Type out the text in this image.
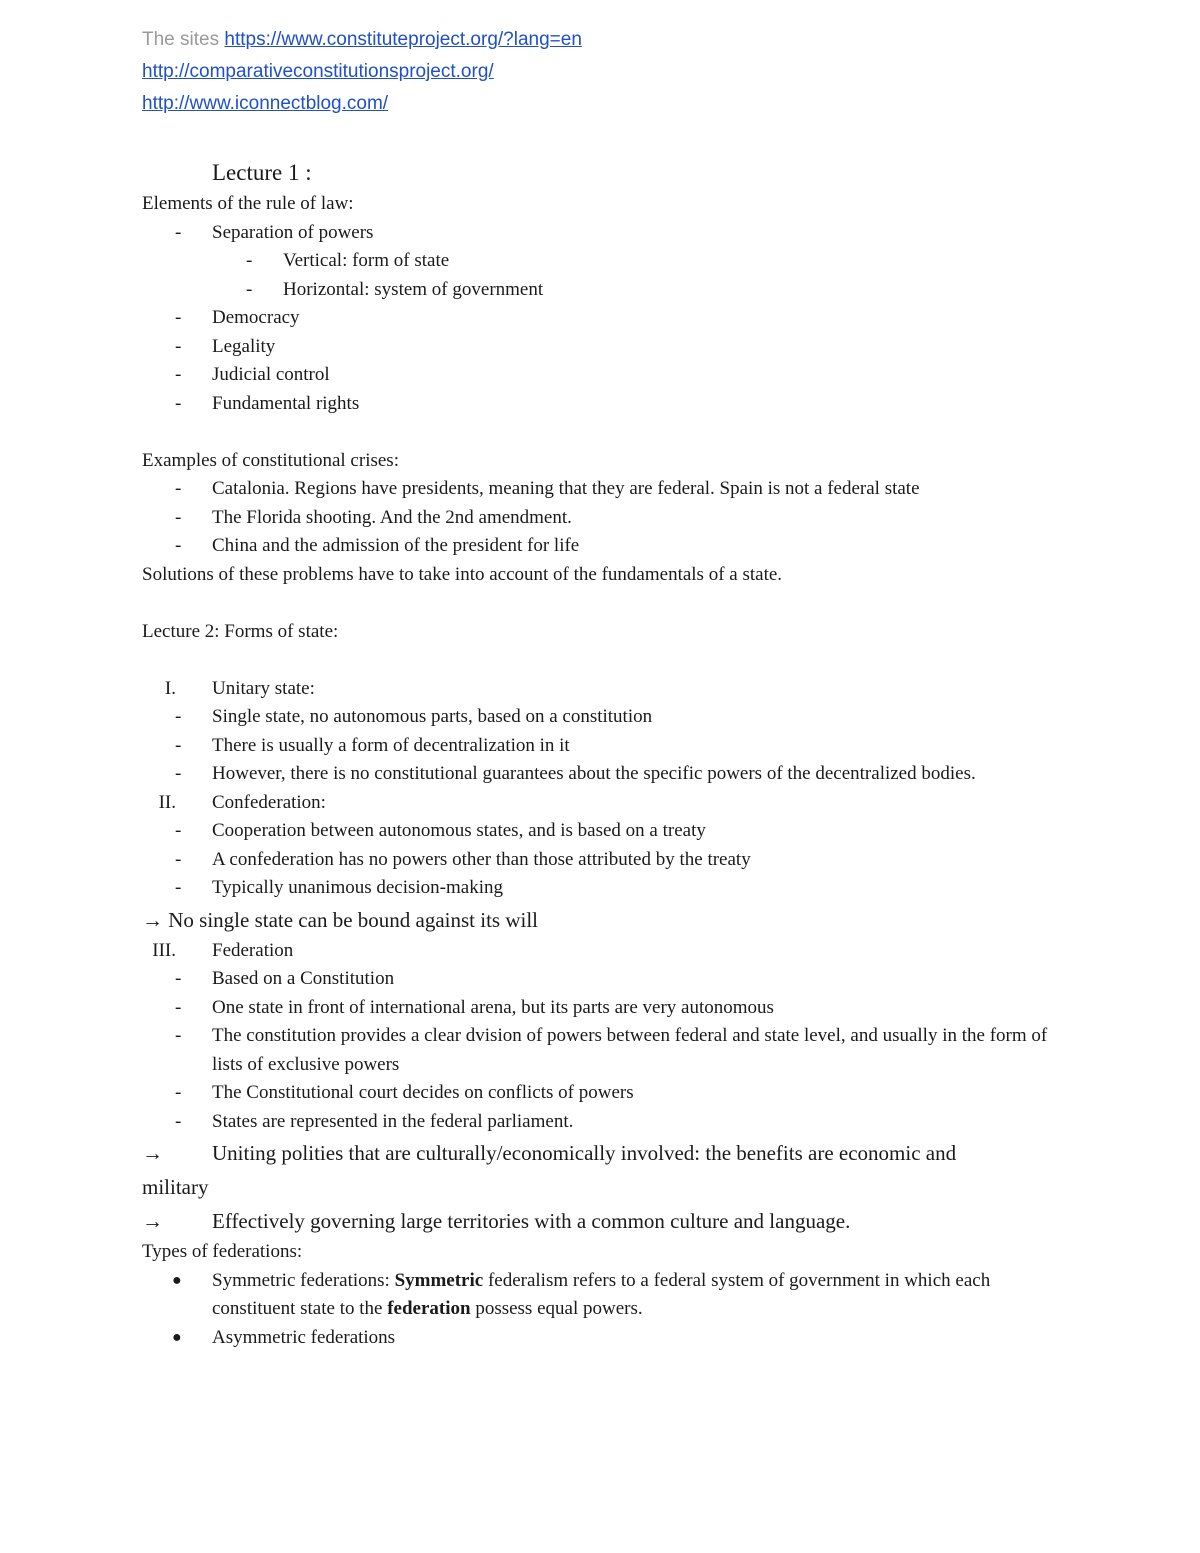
The sites https://www.constituteproject.org/?lang=en
http://comparativeconstitutionsproject.org/
http://www.iconnectblog.com/
Lecture 1 :
Elements of the rule of law:
- Separation of powers
- Vertical: form of state
- Horizontal: system of government
- Democracy
- Legality
- Judicial control
- Fundamental rights
Examples of constitutional crises:
- Catalonia. Regions have presidents, meaning that they are federal. Spain is not a federal state
- The Florida shooting. And the 2nd amendment.
- China and the admission of the president for life
Solutions of these problems have to take into account of the fundamentals of a state.
Lecture 2: Forms of state:
I. Unitary state:
- Single state, no autonomous parts, based on a constitution
- There is usually a form of decentralization in it
- However, there is no constitutional guarantees about the specific powers of the decentralized bodies.
II. Confederation:
- Cooperation between autonomous states, and is based on a treaty
- A confederation has no powers other than those attributed by the treaty
- Typically unanimous decision-making
→ No single state can be bound against its will
III. Federation
- Based on a Constitution
- One state in front of international arena, but its parts are very autonomous
- The constitution provides a clear dvision of powers between federal and state level, and usually in the form of lists of exclusive powers
- The Constitutional court decides on conflicts of powers
- States are represented in the federal parliament.
→ Uniting polities that are culturally/economically involved: the benefits are economic and
military
→ Effectively governing large territories with a common culture and language.
Types of federations:
● Symmetric federations: Symmetric federalism refers to a federal system of government in which each constituent state to the federation possess equal powers.
● Asymmetric federations
